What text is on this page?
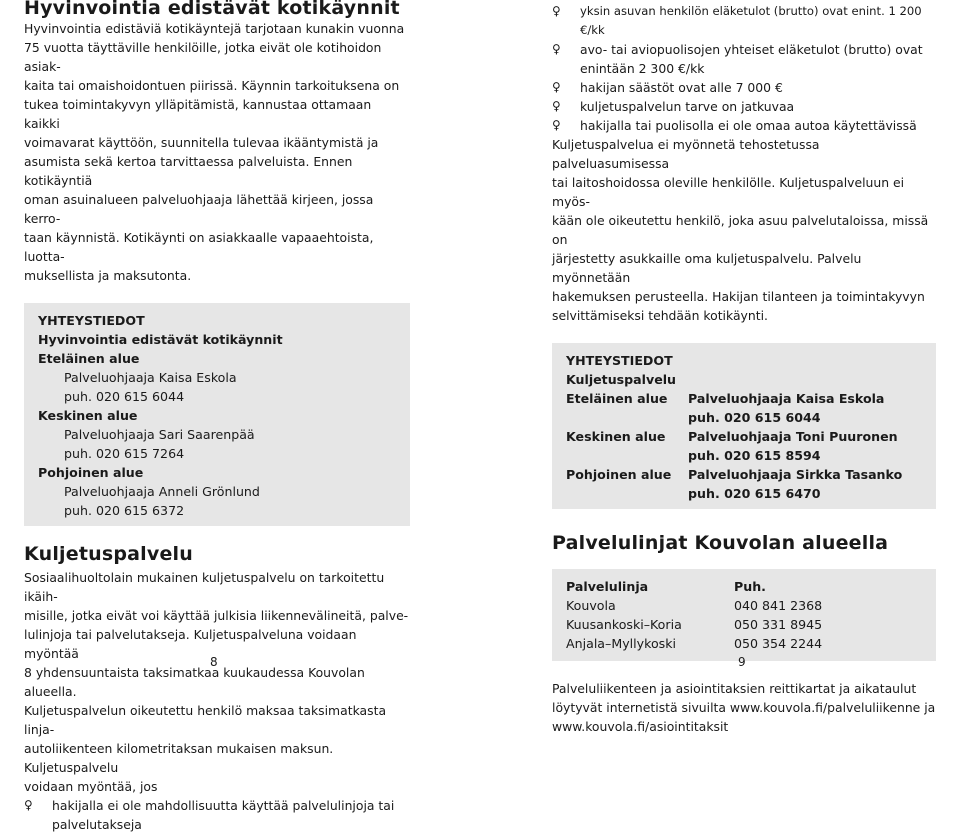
Hyvinvointia edistävät kotikäynnit
Hyvinvointia edistäviä kotikäyntejä tarjotaan kunakin vuonna
75 vuotta täyttäville henkilöille, jotka eivät ole kotihoidon asiak-
kaita tai omaishoidontuen piirissä. Käynnin tarkoituksena on
tukea toimintakyvyn ylläpitämistä, kannustaa ottamaan kaikki
voimavarat käyttöön, suunnitella tulevaa ikääntymistä ja
asumista sekä kertoa tarvittaessa palveluista. Ennen kotikäyntiä
oman asuinalueen palveluohjaaja lähettää kirjeen, jossa kerro-
taan käynnistä. Kotikäynti on asiakkaalle vapaaehtoista, luotta-
muksellista ja maksutonta.
YHTEYSTIEDOT
Hyvinvointia edistävät kotikäynnit
Eteläinen alue
Palveluohjaaja Kaisa Eskola
puh. 020 615 6044
Keskinen alue
Palveluohjaaja Sari Saarenpää
puh. 020 615 7264
Pohjoinen alue
Palveluohjaaja Anneli Grönlund
puh. 020 615 6372
Kuljetuspalvelu
Sosiaalihuoltolain mukainen kuljetuspalvelu on tarkoitettu ikäih-
misille, jotka eivät voi käyttää julkisia liikennevälineitä, palve-
lulinjoja tai palvelutakseja. Kuljetuspalveluna voidaan myöntää
8 yhdensuuntaista taksimatkaa kuukaudessa Kouvolan alueella.
Kuljetuspalvelun oikeutettu henkilö maksaa taksimatkasta linja-
autoliikenteen kilometritaksan mukaisen maksun. Kuljetuspalvelu
voidaan myöntää, jos
♀	hakijalla ei ole mahdollisuutta käyttää palvelulinjoja tai
palvelutakseja
8
♀	yksin asuvan henkilön eläketulot (brutto) ovat enint. 1 200 €/kk
♀	avo- tai aviopuolisojen yhteiset eläketulot (brutto) ovat
enintään 2 300 €/kk
♀	hakijan säästöt ovat alle 7 000 €
♀	kuljetuspalvelun tarve on jatkuvaa
♀	hakijalla tai puolisolla ei ole omaa autoa käytettävissä
Kuljetuspalvelua ei myönnetä tehostetussa palveluasumisessa
tai laitoshoidossa oleville henkilölle. Kuljetuspalveluun ei myös-
kään ole oikeutettu henkilö, joka asuu palvelutaloissa, missä on
järjestetty asukkaille oma kuljetuspalvelu. Palvelu myönnetään
hakemuksen perusteella. Hakijan tilanteen ja toimintakyvyn
selvittämiseksi tehdään kotikäynti.
YHTEYSTIEDOT
Kuljetuspalvelu
Eteläinen alue	Palveluohjaaja Kaisa Eskola
puh. 020 615 6044
Keskinen alue	Palveluohjaaja Toni Puuronen
puh. 020 615 8594
Pohjoinen alue	Palveluohjaaja Sirkka Tasanko
puh. 020 615 6470
Palvelulinjat Kouvolan alueella
Palvelulinja	Puh.
Kouvola	040 841 2368
Kuusankoski–Koria	050 331 8945
Anjala–Myllykoski	050 354 2244
Palveluliikenteen ja asiointitaksien reittikartat ja aikataulut
löytyvät internetistä sivuilta www.kouvola.fi/palveluliikenne ja
www.kouvola.fi/asiointitaksit
9
